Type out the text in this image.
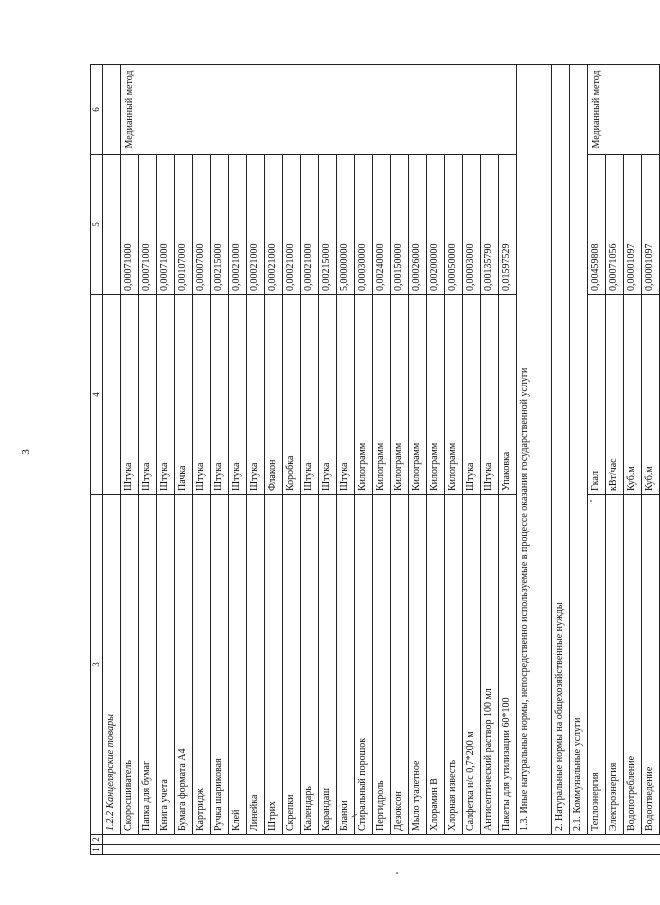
3
1	2	3	4	5	6
		1.2.2 Канцелярские товары			
		Скоросшиватель	Штука	0,00071000	Медианный метод
		Папка для бумаг	Штука	0,00071000	
		Книга учета	Штука	0,00071000	
		Бумага формата А4	Пачка	0,00107000	
		Картридж	Штука	0,00007000	
		Ручка шариковая	Штука	0,00215000	
		Клей	Штука	0,00021000	
		Линейка	Штука	0,00021000	
		Штрих	Флакон	0,00021000	
		Скрепки	Коробка	0,00021000	
		Календарь	Штука	0,00021000	
		Карандаш	Штука	0,00215000	
		Бланки	Штука	5,00000000	
		Стиральный порошок	Килограмм	0,00030000	
		Пергидроль	Килограмм	0,00240000	
		Дезоксон	Килограмм	0,00150000	
		Мыло туалетное	Килограмм	0,00026000	
		Хлорамин В	Килограмм	0,00200000	
		Хлорная известь	Килограмм	0,00050000	
		Салфетка н/с 0,7*200 м	Штука	0,00003000	
		Антисептический раствор 100 мл	Штука	0,00135790	
		Пакеты для утилизации 60*100	Упаковка	0,01597529	
		1.3. Иные натуральные нормы, непосредственно используемые в процессе оказания государственной услуги			
		2. Натуральные нормы на общехозяйственные нужды			
		2.1. Коммунальные услуги			
		Теплоэнергия	Гкал	0,00459808	Медианный метод
		Электроэнергия	кВт/час	0,00071056	
		Водопотребление	Куб.м	0,00001097	
		Водоотведение	Куб.м	0,00001097	
